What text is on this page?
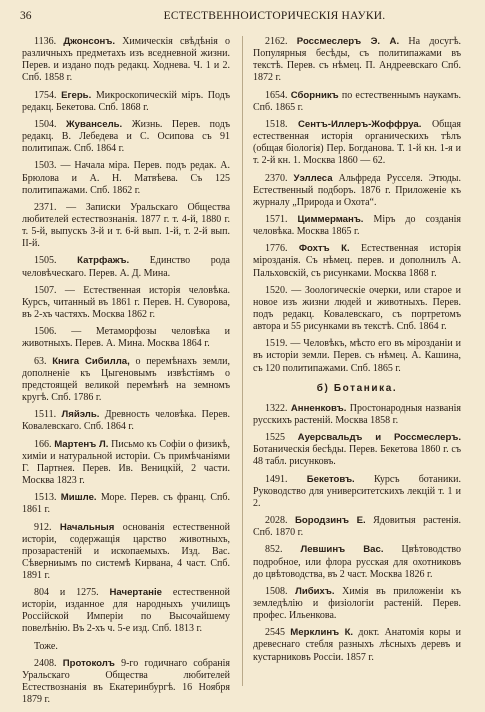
36	ЕСТЕСТВЕННОИСТОРИЧЕСКІЯ НАУКИ.

1136. Джонсонъ. Химическія свѣдѣнія о различныхъ предметахъ изъ вседневной жизни. Перев. и издано подъ редакц. Ходнева. Ч. 1 и 2. Спб. 1858 г.

1754. Егерь. Микроскопическій міръ. Подъ редакц. Бекетова. Спб. 1868 г.

1504. Жувансель. Жизнь. Перев. подъ редакц. В. Лебедева и С. Осипова съ 91 политипаж. Спб. 1864 г.

1503. — Начала міра. Перев. подъ редак. А. Брюлова и А. Н. Матвѣева. Съ 125 политипажами. Спб. 1862 г.

2371. — Записки Уральскаго Общества любителей естествознанія. 1877 г. т. 4-й, 1880 г. т. 5-й, выпускъ 3-й и т. 6-й вып. 1-й, т. 2-й вып. II-й.

1505. Катрфажъ. Единство рода человѣческаго. Перев. А. Д. Мина.

1507. — Естественная исторія человѣка. Курсъ, читанный въ 1861 г. Перев. Н. Суворова, въ 2-хъ частяхъ. Москва 1862 г.

1506. — Метаморфозы человѣка и животныхъ. Перев. А. Мина. Москва 1864 г.

63. Книга Сибилла, о перемѣнахъ земли, дополненіе къ Цыгеновымъ извѣстіямъ о предстоящей великой перемѣнѣ на земномъ кругѣ. Спб. 1786 г.

1511. Ляйэль. Древность человѣка. Перев. Ковалевскаго. Спб. 1864 г.

166. Мартенъ Л. Письмо къ Софіи о физикѣ, химіи и натуральной исторіи. Съ примѣчаніями Г. Партнея. Перев. Ив. Веницкій, 2 части. Москва 1823 г.

1513. Мишле. Море. Перев. съ франц. Спб. 1861 г.

912. Начальныя основанія естественной исторіи, содержащія царство животныхъ, прозарастеній и ископаемыхъ. Изд. Вас. Сѣверниымъ по системѣ Кирвана, 4 част. Спб. 1891 г.

804 и 1275. Начертаніе естественной исторіи, изданное для народныхъ училищъ Россійской Имперіи по Высочайшему повелѣнію. Въ 2-хъ ч. 5-е изд. Спб. 1813 г.

Тоже.

2408. Протоколъ 9-го годичнаго собранія Уральскаго Общества любителей Естествознанія въ Екатеринбургѣ. 16 Ноября 1879 г.

2162. Россмеслеръ Э. А. На досугѣ. Популярныя бесѣды, съ политипажами въ текстѣ. Перев. съ нѣмец. П. Андреевскаго Спб. 1872 г.

1654. Сборникъ по естественнымъ наукамъ. Спб. 1865 г.

1518. Сентъ-Иллеръ-Жоффруа. Общая естественная исторія органическихъ тѣлъ (общая біологія) Пер. Богданова. Т. 1-й кн. 1-я и т. 2-й кн. 1. Москва 1860 — 62.

2370. Уэллеса Альфреда Русселя. Этюды. Естественный подборъ. 1876 г. Приложеніе къ журналу „Природа и Охота“.

1571. Циммерманъ. Міръ до созданія человѣка. Москва 1865 г.

1776. Фохтъ К. Естественная исторія мірозданія. Съ нѣмец. перев. и дополнилъ А. Пальховскій, съ рисунками. Москва 1868 г.

1520. — Зоологическіе очерки, или старое и новое изъ жизни людей и животныхъ. Перев. подъ редакц. Ковалевскаго, съ портретомъ автора и 55 рисунками въ текстѣ. Спб. 1864 г.

1519. — Человѣкъ, мѣсто его въ мірозданіи и въ исторіи земли. Перев. съ нѣмец. А. Кашина, съ 120 политипажами. Спб. 1865 г.

б) Ботаника.

1322. Анненковъ. Простонародныя названія русскихъ растеній. Москва 1858 г.

1525 Ауерсвальдъ и Россмеслеръ. Ботаническія бесѣды. Перев. Бекетова 1860 г. съ 48 табл. рисунковъ.

1491. Бекетовъ. Курсъ ботаники. Руководство для университетскихъ лекцій т. 1 и 2.

2028. Бородзинъ Е. Ядовитыя растенія. Спб. 1870 г.

852. Левшинъ Вас. Цвѣтоводство подробное, или флора русская для охотниковъ до цвѣтоводства, въ 2 част. Москва 1826 г.

1508. Либихъ. Химія въ приложеніи къ земледѣлію и физіологіи растеній. Перев. профес. Ильенкова.

2545 Мерклинъ К. докт. Анатомія коры и древеснаго стебля разныхъ лѣсныхъ деревъ и кустарниковъ Россіи. 1857 г.
